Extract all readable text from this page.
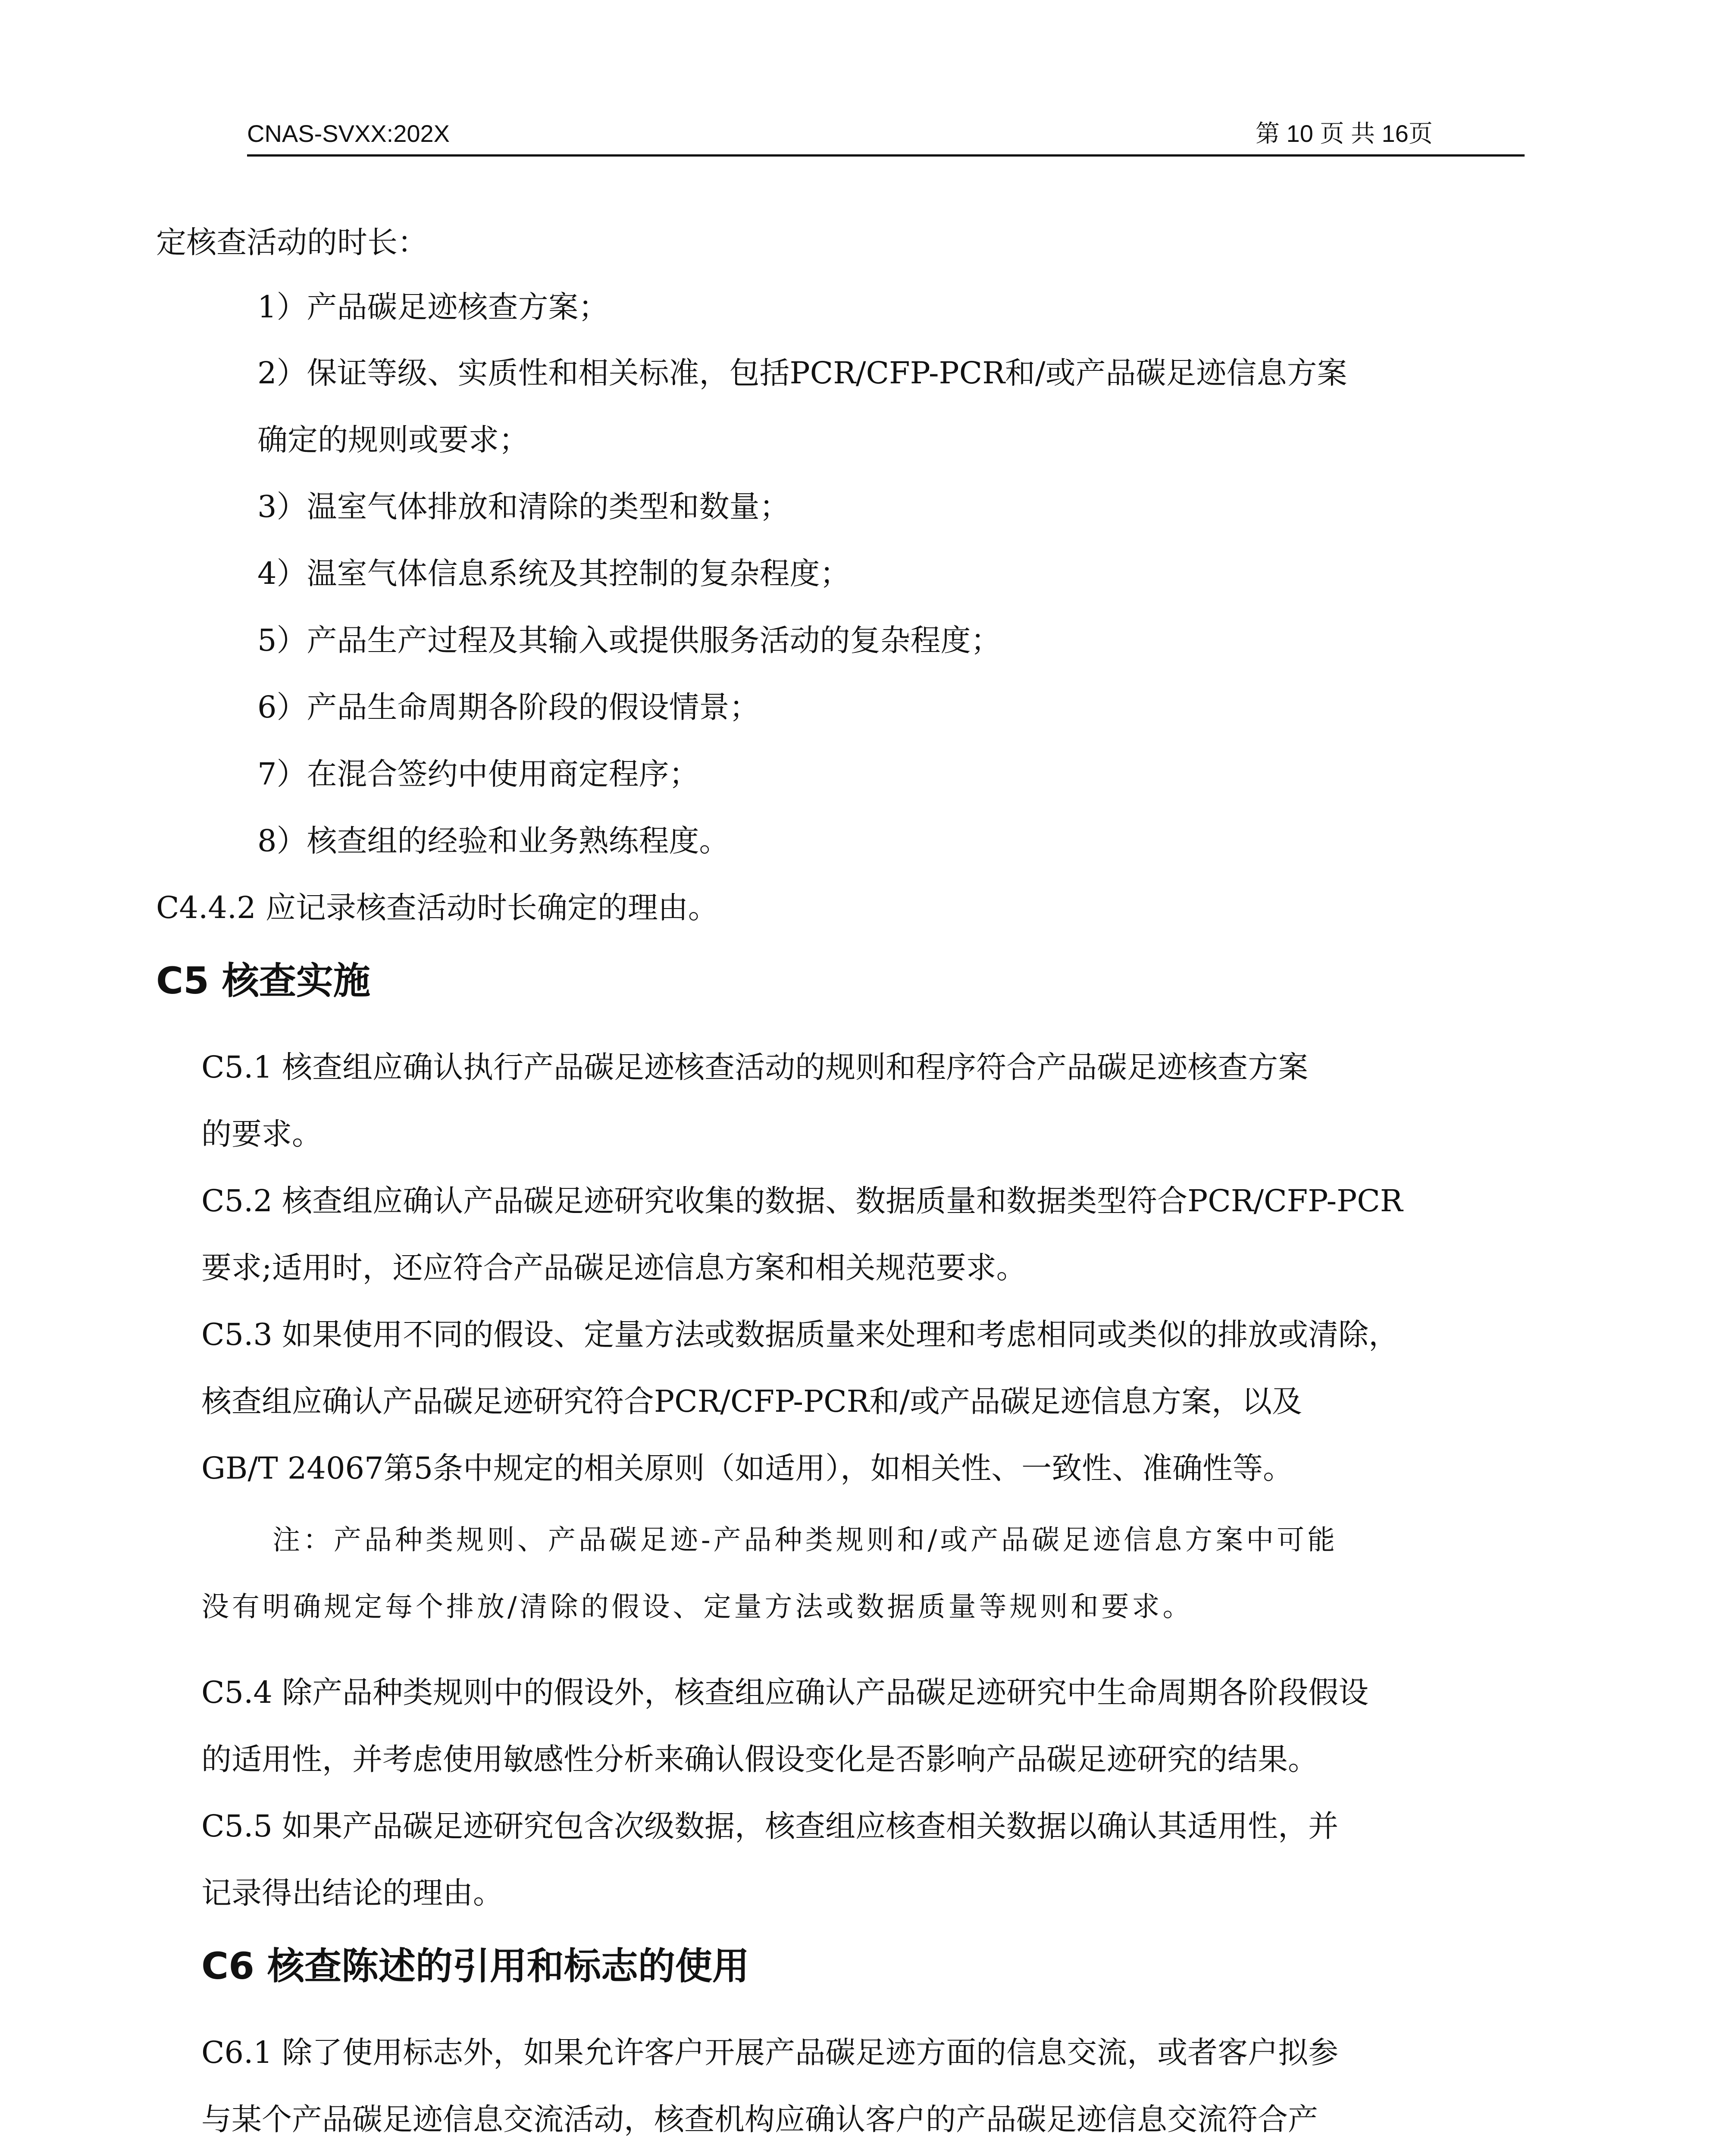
CNAS-SVXX:202X	第 10 页 共 16页
定核查活动的时长：
1）产品碳足迹核查方案；
2）保证等级、实质性和相关标准，包括PCR/CFP-PCR和/或产品碳足迹信息方案
确定的规则或要求；
3）温室气体排放和清除的类型和数量；
4）温室气体信息系统及其控制的复杂程度；
5）产品生产过程及其输入或提供服务活动的复杂程度；
6）产品生命周期各阶段的假设情景；
7）在混合签约中使用商定程序；
8）核查组的经验和业务熟练程度。
C4.4.2 应记录核查活动时长确定的理由。
C5 核查实施
C5.1 核查组应确认执行产品碳足迹核查活动的规则和程序符合产品碳足迹核查方案
的要求。
C5.2 核查组应确认产品碳足迹研究收集的数据、数据质量和数据类型符合PCR/CFP-PCR
要求;适用时，还应符合产品碳足迹信息方案和相关规范要求。
C5.3 如果使用不同的假设、定量方法或数据质量来处理和考虑相同或类似的排放或清除，
核查组应确认产品碳足迹研究符合PCR/CFP-PCR和/或产品碳足迹信息方案，以及
GB/T 24067第5条中规定的相关原则（如适用），如相关性、一致性、准确性等。
注：产品种类规则、产品碳足迹-产品种类规则和/或产品碳足迹信息方案中可能
没有明确规定每个排放/清除的假设、定量方法或数据质量等规则和要求。
C5.4 除产品种类规则中的假设外，核查组应确认产品碳足迹研究中生命周期各阶段假设
的适用性，并考虑使用敏感性分析来确认假设变化是否影响产品碳足迹研究的结果。
C5.5 如果产品碳足迹研究包含次级数据，核查组应核查相关数据以确认其适用性，并
记录得出结论的理由。
C6 核查陈述的引用和标志的使用
C6.1 除了使用标志外，如果允许客户开展产品碳足迹方面的信息交流，或者客户拟参
与某个产品碳足迹信息交流活动，核查机构应确认客户的产品碳足迹信息交流符合产
